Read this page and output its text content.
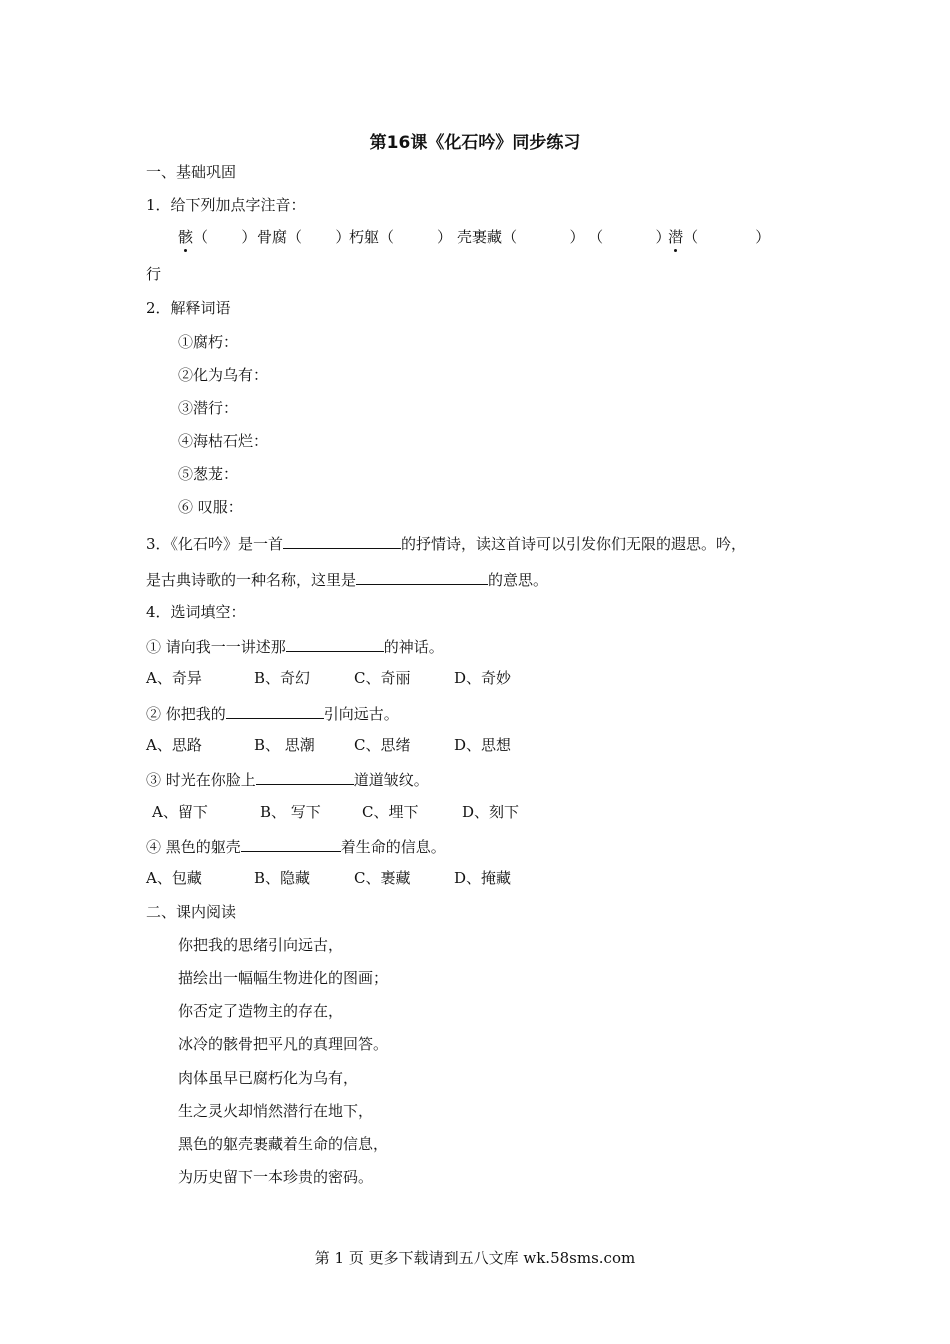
第16课《化石吟》同步练习
一、基础巩固
1．给下列加点字注音：
骸（       ）骨腐（       ）朽躯（         ） 壳裹藏（           ） （           ）潜（            ）
行
2．解释词语
①腐朽：
②化为乌有：
③潜行：
④海枯石烂：
⑤葱茏：
⑥ 叹服：
3．《化石吟》是一首	的抒情诗，读这首诗可以引发你们无限的遐思。吟，
是古典诗歌的一种名称，这里是	的意思。
4．选词填空：
① 请向我一一讲述那	的神话。
A、奇异	B、奇幻	C、奇丽	D、奇妙
② 你把我的	引向远古。
A、思路	B、 思潮	C、思绪	D、思想
③ 时光在你脸上	道道皱纹。
A、留下	B、 写下	C、埋下	D、刻下
④ 黑色的躯壳	着生命的信息。
A、包藏	B、隐藏	C、裹藏	D、掩藏
二、课内阅读
你把我的思绪引向远古，
描绘出一幅幅生物进化的图画；
你否定了造物主的存在，
冰冷的骸骨把平凡的真理回答。
肉体虽早已腐朽化为乌有，
生之灵火却悄然潜行在地下，
黑色的躯壳裹藏着生命的信息，
为历史留下一本珍贵的密码。
第 1 页 更多下载请到五八文库 wk.58sms.com
